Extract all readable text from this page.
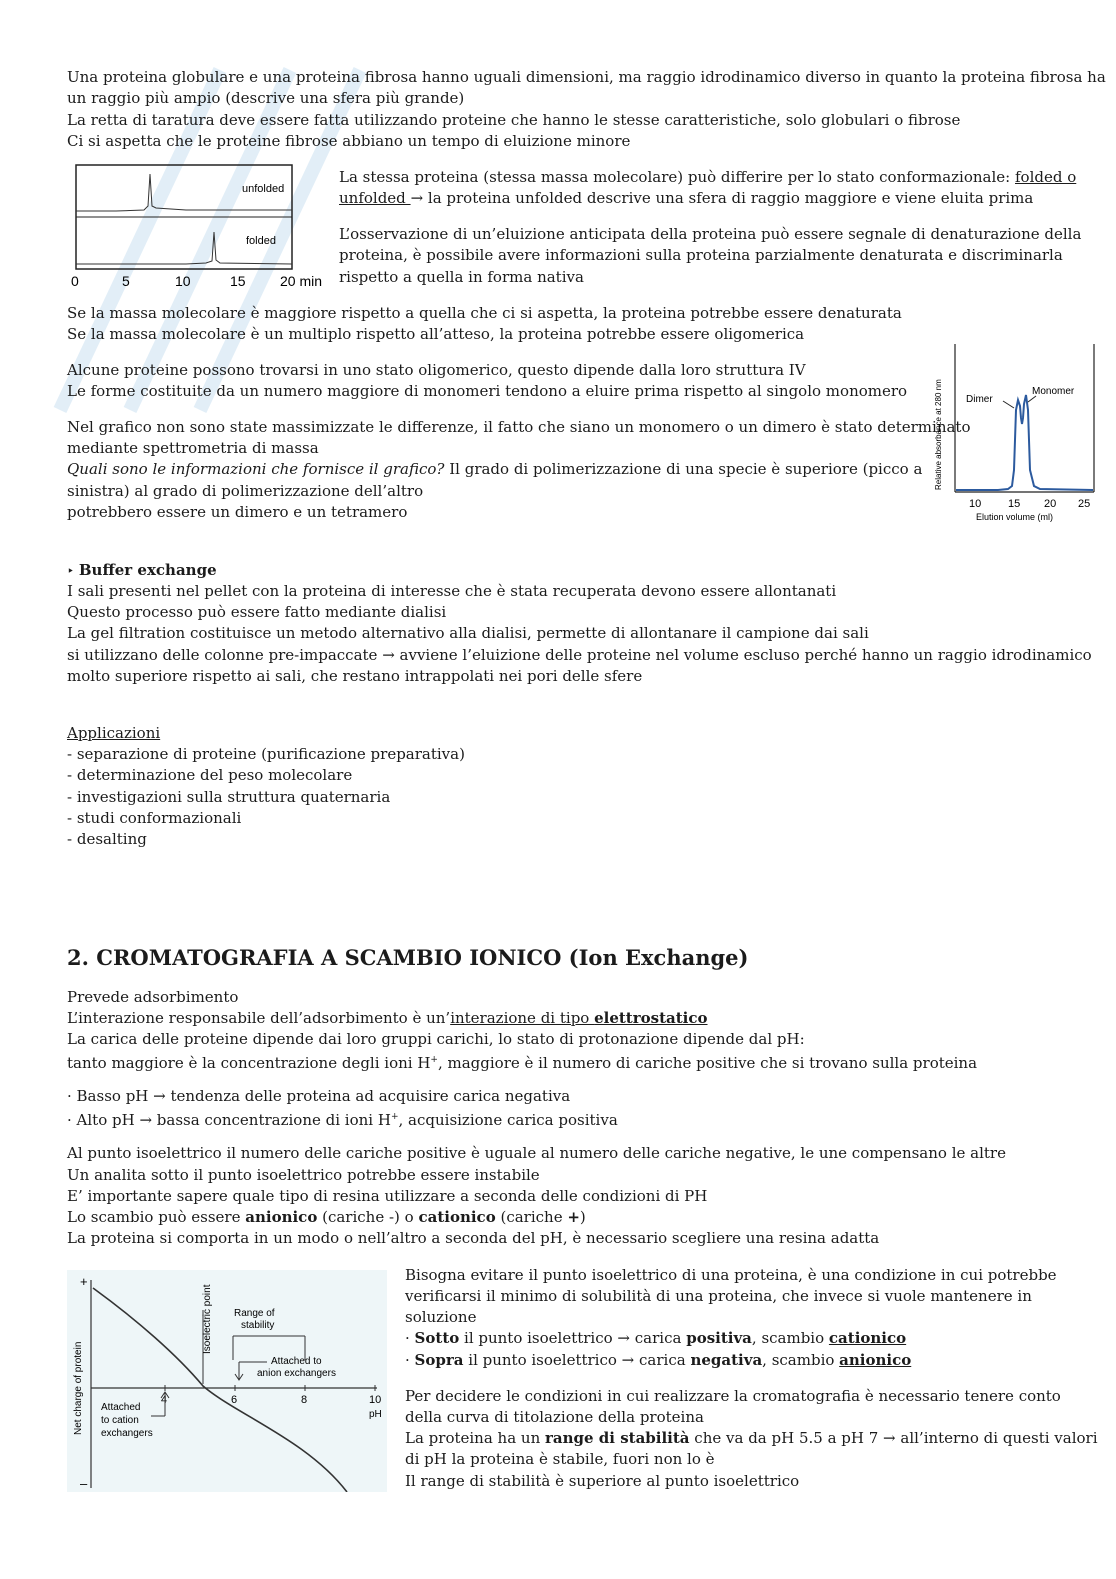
Una proteina globulare e una proteina fibrosa hanno uguali dimensioni, ma raggio idrodinamico diverso in quanto la proteina fibrosa ha
un raggio più ampio (descrive una sfera più grande)
La retta di taratura deve essere fatta utilizzando proteine che hanno le stesse caratteristiche, solo globulari o fibrose
Ci si aspetta che le proteine fibrose abbiano un tempo di eluizione minore
unfolded
folded
0	5	10	15 20 min
La stessa proteina (stessa massa molecolare) può differire per lo stato conformazionale: folded o
unfolded → la proteina unfolded descrive una sfera di raggio maggiore e viene eluita prima
L’osservazione di un’eluizione anticipata della proteina può essere segnale di denaturazione della
proteina, è possibile avere informazioni sulla proteina parzialmente denaturata e discriminarla
rispetto a quella in forma nativa
Se la massa molecolare è maggiore rispetto a quella che ci si aspetta, la proteina potrebbe essere denaturata
Se la massa molecolare è un multiplo rispetto all’atteso, la proteina potrebbe essere oligomerica
Alcune proteine possono trovarsi in uno stato oligomerico, questo dipende dalla loro struttura IV
Le forme costituite da un numero maggiore di monomeri tendono a eluire prima rispetto al singolo monomero
Nel grafico non sono state massimizzate le differenze, il fatto che siano un monomero o un dimero è stato determinato
mediante spettrometria di massa
Quali sono le informazioni che fornisce il grafico? Il grado di polimerizzazione di una specie è superiore (picco a
sinistra) al grado di polimerizzazione dell’altro
potrebbero essere un dimero e un tetramero
Dimer
Monomer
Relative absorbance at 280 nm
10 15 20 25
Elution volume (ml)
‣ Buffer exchange
I sali presenti nel pellet con la proteina di interesse che è stata recuperata devono essere allontanati
Questo processo può essere fatto mediante dialisi
La gel filtration costituisce un metodo alternativo alla dialisi, permette di allontanare il campione dai sali
si utilizzano delle colonne pre-impaccate → avviene l’eluizione delle proteine nel volume escluso perché hanno un raggio idrodinamico
molto superiore rispetto ai sali, che restano intrappolati nei pori delle sfere
Applicazioni
- separazione di proteine (purificazione preparativa)
- determinazione del peso molecolare
- investigazioni sulla struttura quaternaria
- studi conformazionali
- desalting
2. CROMATOGRAFIA A SCAMBIO IONICO (Ion Exchange)
Prevede adsorbimento
L’interazione responsabile dell’adsorbimento è un’interazione di tipo elettrostatico
La carica delle proteine dipende dai loro gruppi carichi, lo stato di protonazione dipende dal pH:
tanto maggiore è la concentrazione degli ioni H+, maggiore è il numero di cariche positive che si trovano sulla proteina
· Basso pH → tendenza delle proteina ad acquisire carica negativa
· Alto pH → bassa concentrazione di ioni H+, acquisizione carica positiva
Al punto isoelettrico il numero delle cariche positive è uguale al numero delle cariche negative, le une compensano le altre
Un analita sotto il punto isoelettrico potrebbe essere instabile
E’ importante sapere quale tipo di resina utilizzare a seconda delle condizioni di PH
Lo scambio può essere anionico (cariche -) o cationico (cariche +)
La proteina si comporta in un modo o nell’altro a seconda del pH, è necessario scegliere una resina adatta
+
–
Net charge of protein	4	6	8	10
pH
Isoelectric point Range of
stability
Attached to
anion exchangers
Attached
to cation
exchangers
Bisogna evitare il punto isoelettrico di una proteina, è una condizione in cui potrebbe
verificarsi il minimo di solubilità di una proteina, che invece si vuole mantenere in
soluzione
· Sotto il punto isoelettrico → carica positiva, scambio cationico
· Sopra il punto isoelettrico → carica negativa, scambio anionico
Per decidere le condizioni in cui realizzare la cromatografia è necessario tenere conto
della curva di titolazione della proteina
La proteina ha un range di stabilità che va da pH 5.5 a pH 7 → all’interno di questi valori
di pH la proteina è stabile, fuori non lo è
Il range di stabilità è superiore al punto isoelettrico
